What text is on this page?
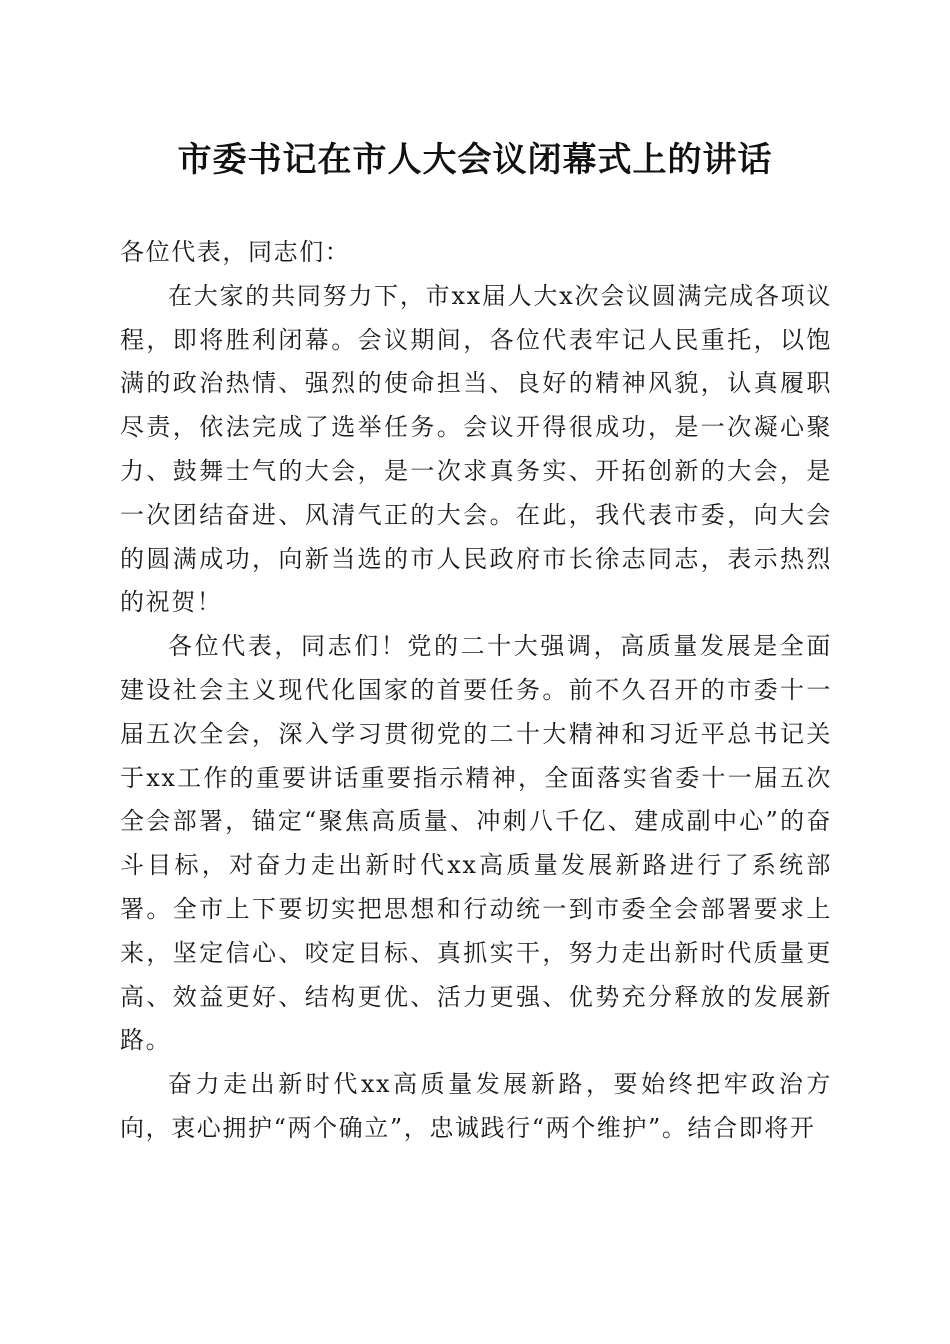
市委书记在市人大会议闭幕式上的讲话

各位代表，同志们：

在大家的共同努力下，市xx届人大x次会议圆满完成各项议程，即将胜利闭幕。会议期间，各位代表牢记人民重托，以饱满的政治热情、强烈的使命担当、良好的精神风貌，认真履职尽责，依法完成了选举任务。会议开得很成功，是一次凝心聚力、鼓舞士气的大会，是一次求真务实、开拓创新的大会，是一次团结奋进、风清气正的大会。在此，我代表市委，向大会的圆满成功，向新当选的市人民政府市长徐志同志，表示热烈的祝贺！

各位代表，同志们！党的二十大强调，高质量发展是全面建设社会主义现代化国家的首要任务。前不久召开的市委十一届五次全会，深入学习贯彻党的二十大精神和习近平总书记关于xx工作的重要讲话重要指示精神，全面落实省委十一届五次全会部署，锚定“聚焦高质量、冲刺八千亿、建成副中心”的奋斗目标，对奋力走出新时代xx高质量发展新路进行了系统部署。全市上下要切实把思想和行动统一到市委全会部署要求上来，坚定信心、咬定目标、真抓实干，努力走出新时代质量更高、效益更好、结构更优、活力更强、优势充分释放的发展新路。

奋力走出新时代xx高质量发展新路，要始终把牢政治方向，衷心拥护“两个确立”，忠诚践行“两个维护”。结合即将开
